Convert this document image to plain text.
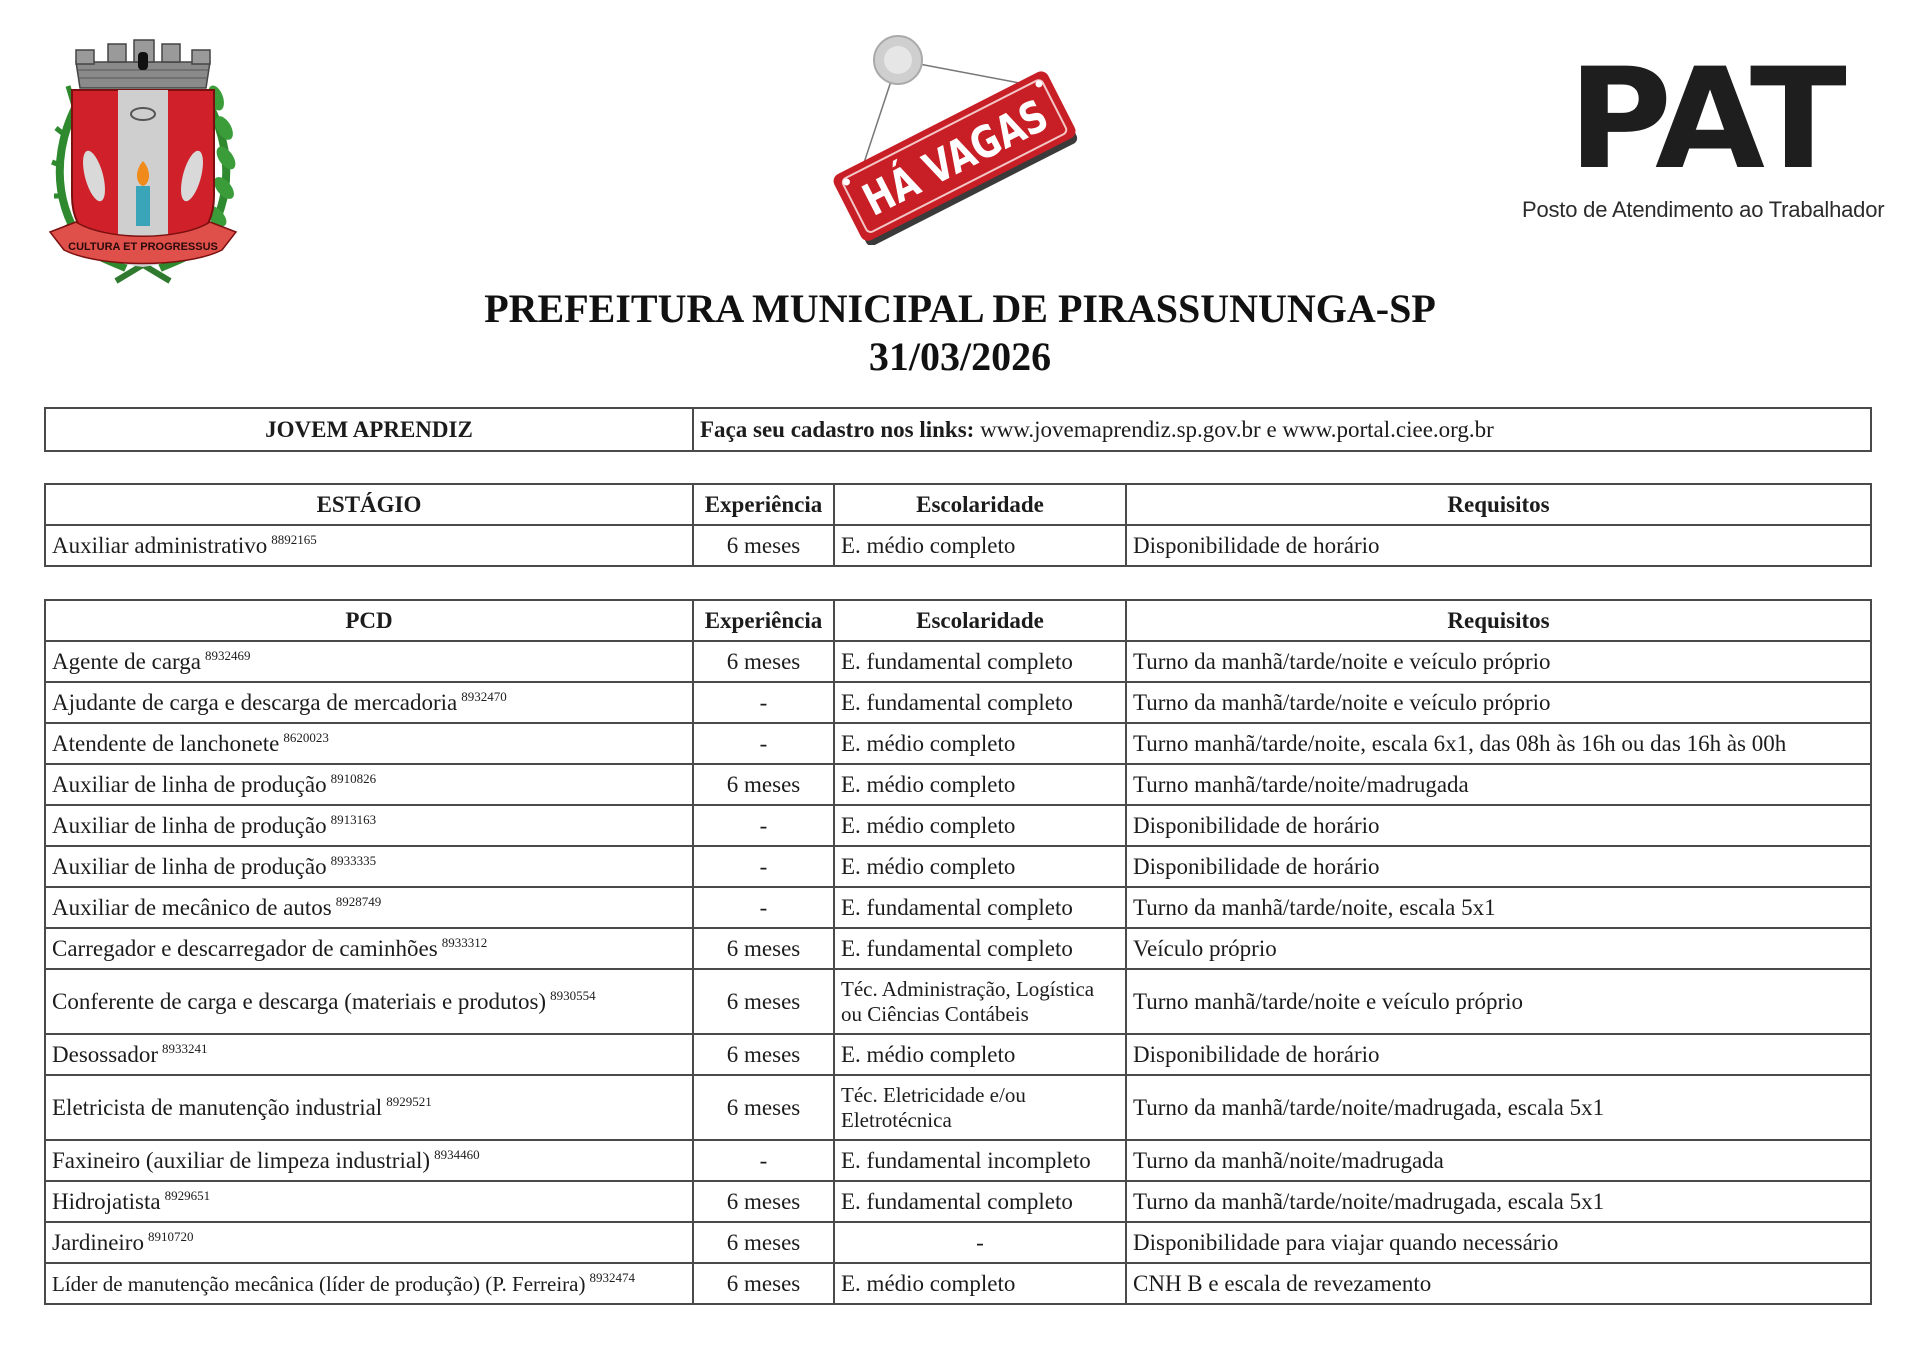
CULTURA ET PROGRESSUS
HÁ VAGAS	PAT
Posto de Atendimento ao Trabalhador
PREFEITURA MUNICIPAL DE PIRASSUNUNGA-SP
31/03/2026
JOVEM APRENDIZ	Faça seu cadastro nos links: www.jovemaprendiz.sp.gov.br e www.portal.ciee.org.br
ESTÁGIO	Experiência	Escolaridade	Requisitos
Auxiliar administrativo $^{8892165}$	6 meses	E. médio completo	Disponibilidade de horário
PCD	Experiência	Escolaridade	Requisitos
Agente de carga $^{8932469}$	6 meses	E. fundamental completo	Turno da manhã/tarde/noite e veículo próprio
Ajudante de carga e descarga de mercadoria $^{8932470}$	-	E. fundamental completo	Turno da manhã/tarde/noite e veículo próprio
Atendente de lanchonete $^{8620023}$	-	E. médio completo	Turno manhã/tarde/noite, escala 6x1, das 08h às 16h ou das 16h às 00h
Auxiliar de linha de produção $^{8910826}$	6 meses	E. médio completo	Turno manhã/tarde/noite/madrugada
Auxiliar de linha de produção $^{8913163}$	-	E. médio completo	Disponibilidade de horário
Auxiliar de linha de produção $^{8933335}$	-	E. médio completo	Disponibilidade de horário
Auxiliar de mecânico de autos $^{8928749}$	-	E. fundamental completo	Turno da manhã/tarde/noite, escala 5x1
Carregador e descarregador de caminhões $^{8933312}$	6 meses	E. fundamental completo	Veículo próprio
Conferente de carga e descarga (materiais e produtos) $^{8930554}$	6 meses	Téc. Administração, Logística ou Ciências Contábeis	Turno manhã/tarde/noite e veículo próprio
Desossador $^{8933241}$	6 meses	E. médio completo	Disponibilidade de horário
Eletricista de manutenção industrial $^{8929521}$	6 meses	Téc. Eletricidade e/ou Eletrotécnica	Turno da manhã/tarde/noite/madrugada, escala 5x1
Faxineiro (auxiliar de limpeza industrial) $^{8934460}$	-	E. fundamental incompleto	Turno da manhã/noite/madrugada
Hidrojatista $^{8929651}$	6 meses	E. fundamental completo	Turno da manhã/tarde/noite/madrugada, escala 5x1
Jardineiro $^{8910720}$	6 meses	-	Disponibilidade para viajar quando necessário
Líder de manutenção mecânica (líder de produção) (P. Ferreira) $^{8932474}$	6 meses	E. médio completo	CNH B e escala de revezamento
